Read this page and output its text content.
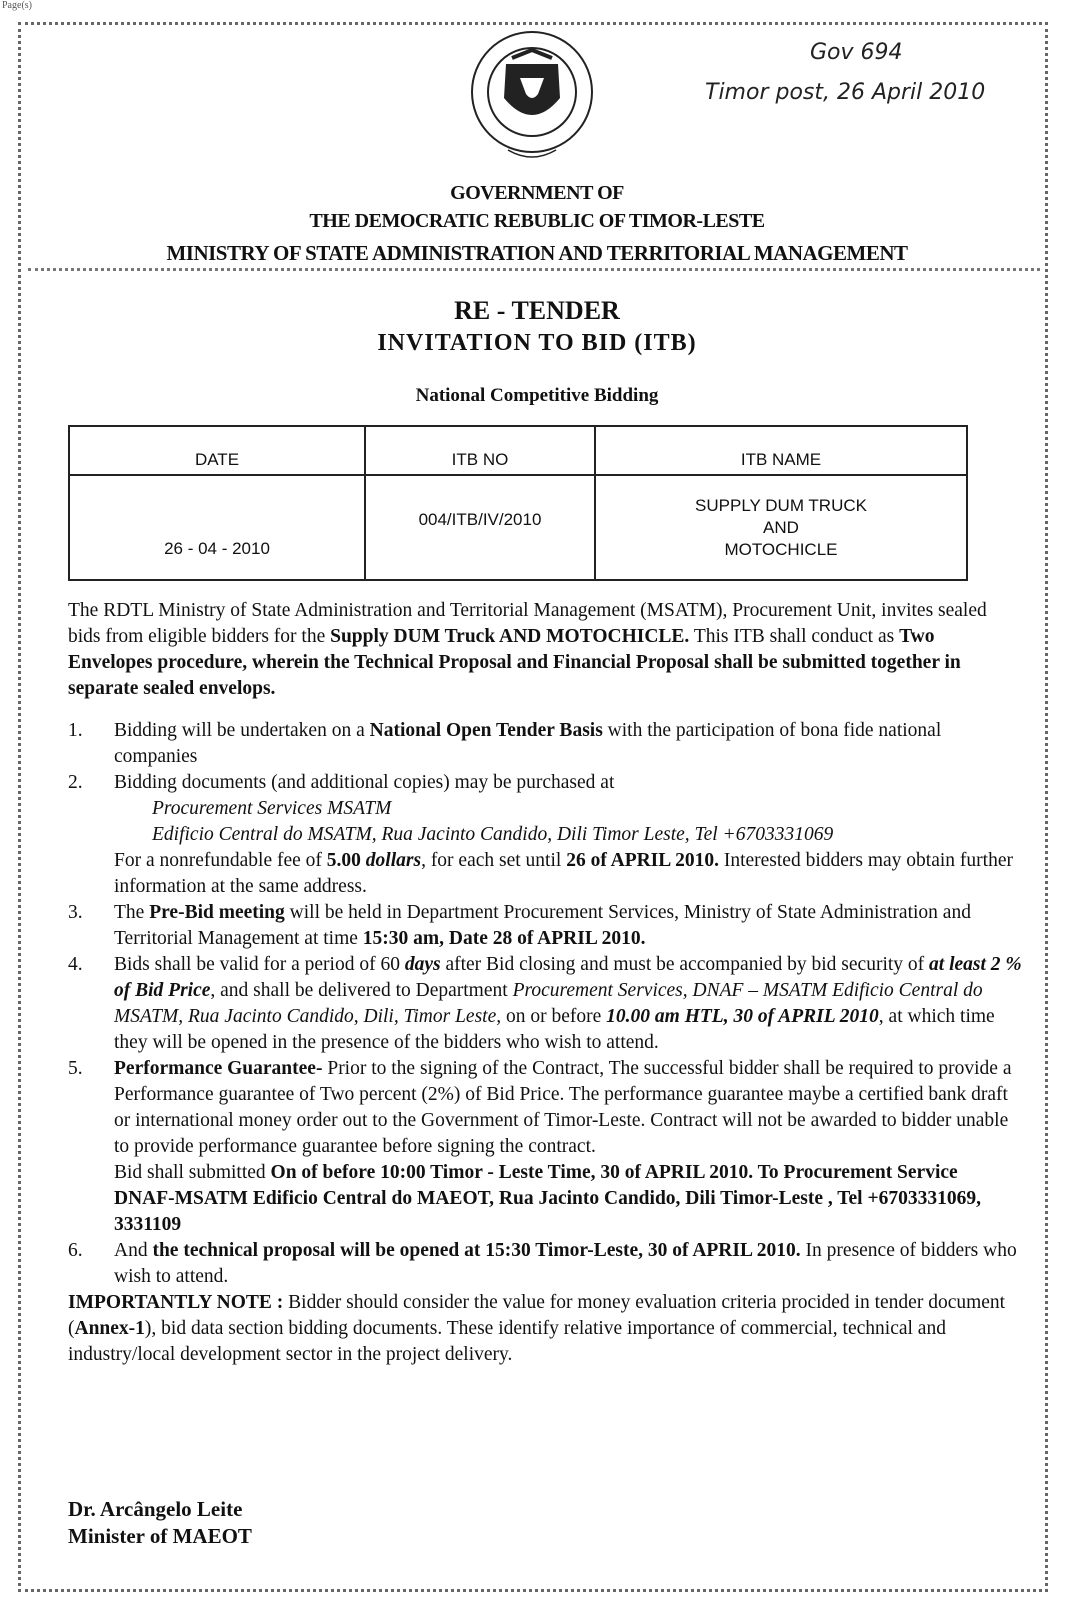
Page(s)
Gov 694
Timor post, 26 April 2010
GOVERNMENT OF
THE DEMOCRATIC REBUBLIC OF TIMOR-LESTE
MINISTRY OF STATE ADMINISTRATION AND TERRITORIAL MANAGEMENT
RE - TENDER
INVITATION TO BID (ITB)
National Competitive Bidding
DATE	ITB NO	ITB NAME
26 - 04 - 2010	004/ITB/IV/2010	SUPPLY DUM TRUCK
AND
MOTOCHICLE
The RDTL Ministry of State Administration and Territorial Management (MSATM), Procurement Unit, invites sealed bids from eligible bidders for the Supply DUM Truck AND MOTOCHICLE. This ITB shall conduct as Two Envelopes procedure, wherein the Technical Proposal and Financial Proposal shall be submitted together in separate sealed envelops.
1. Bidding will be undertaken on a National Open Tender Basis with the participation of bona fide national companies
2. Bidding documents (and additional copies) may be purchased at
Procurement Services MSATM
Edificio Central do MSATM, Rua Jacinto Candido, Dili Timor Leste, Tel +6703331069
For a nonrefundable fee of 5.00 dollars, for each set until 26 of APRIL 2010. Interested bidders may obtain further information at the same address.
3. The Pre-Bid meeting will be held in Department Procurement Services, Ministry of State Administration and Territorial Management at time 15:30 am, Date 28 of APRIL 2010.
4. Bids shall be valid for a period of 60 days after Bid closing and must be accompanied by bid security of at least 2 % of Bid Price, and shall be delivered to Department Procurement Services, DNAF – MSATM Edificio Central do MSATM, Rua Jacinto Candido, Dili, Timor Leste, on or before 10.00 am HTL, 30 of APRIL 2010, at which time they will be opened in the presence of the bidders who wish to attend.
5. Performance Guarantee- Prior to the signing of the Contract, The successful bidder shall be required to provide a Performance guarantee of Two percent (2%) of Bid Price. The performance guarantee maybe a certified bank draft or international money order out to the Government of Timor-Leste. Contract will not be awarded to bidder unable to provide performance guarantee before signing the contract.
Bid shall submitted On of before 10:00 Timor - Leste Time, 30 of APRIL 2010. To Procurement Service DNAF-MSATM Edificio Central do MAEOT, Rua Jacinto Candido, Dili Timor-Leste , Tel +6703331069, 3331109
6. And the technical proposal will be opened at 15:30 Timor-Leste, 30 of APRIL 2010. In presence of bidders who wish to attend.
IMPORTANTLY NOTE : Bidder should consider the value for money evaluation criteria procided in tender document (Annex-1), bid data section bidding documents. These identify relative importance of commercial, technical and industry/local development sector in the project delivery.
Dr. Arcângelo Leite
Minister of MAEOT
